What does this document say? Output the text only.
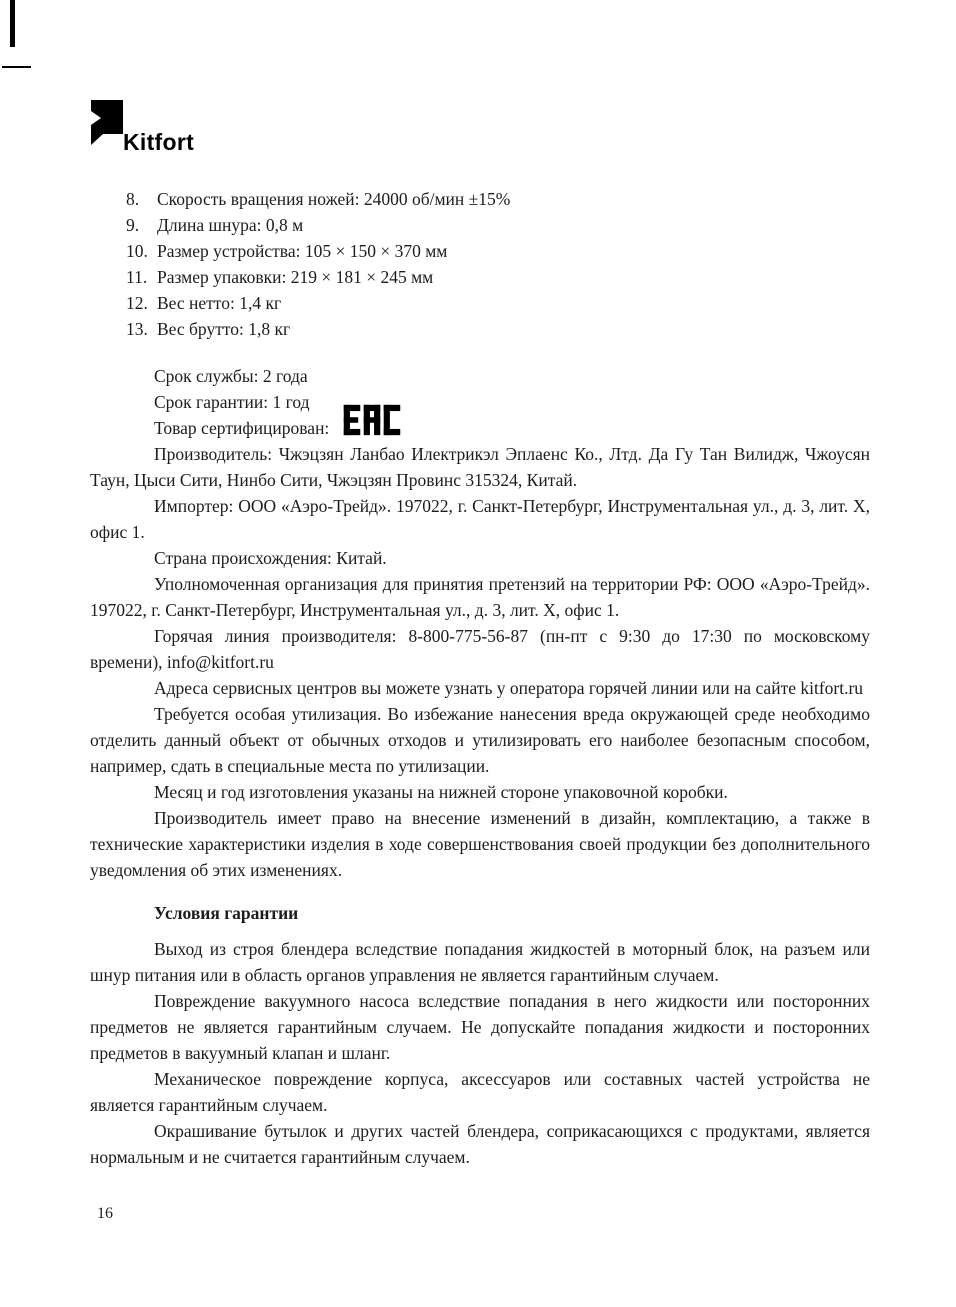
Kitfort
8.	Скорость вращения ножей: 24000 об/мин ±15%
9.	Длина шнура: 0,8 м
10. Размер устройства: 105 × 150 × 370 мм
11. Размер упаковки: 219 × 181 × 245 мм
12. Вес нетто: 1,4 кг
13. Вес брутто: 1,8 кг

Срок службы: 2 года

Срок гарантии: 1 год

Товар сертифицирован:

Производитель: Чжэцзян Ланбао Илектрикэл Эплаенс Ко., Лтд. Да Гу Тан Вилидж, Чжоусян Таун, Цыси Сити, Нинбо Сити, Чжэцзян Провинс 315324, Китай.

Импортер: ООО «Аэро-Трейд». 197022, г. Санкт-Петербург, Инструментальная ул., д. 3, лит. Х, офис 1.

Страна происхождения: Китай.

Уполномоченная организация для принятия претензий на территории РФ: ООО «Аэро-Трейд». 197022, г. Санкт-Петербург, Инструментальная ул., д. 3, лит. Х, офис 1.

Горячая линия производителя: 8-800-775-56-87 (пн-пт с 9:30 до 17:30 по московскому времени), info@kitfort.ru

Адреса сервисных центров вы можете узнать у оператора горячей линии или на сайте kitfort.ru

Требуется особая утилизация. Во избежание нанесения вреда окружающей среде необходимо отделить данный объект от обычных отходов и утилизировать его наиболее безопасным способом, например, сдать в специальные места по утилизации.

Месяц и год изготовления указаны на нижней стороне упаковочной коробки.

Производитель имеет право на внесение изменений в дизайн, комплектацию, а также в технические характеристики изделия в ходе совершенствования своей продукции без дополнительного уведомления об этих изменениях.

Условия гарантии

Выход из строя блендера вследствие попадания жидкостей в моторный блок, на разъем или шнур питания или в область органов управления не является гарантийным случаем.

Повреждение вакуумного насоса вследствие попадания в него жидкости или посторонних предметов не является гарантийным случаем. Не допускайте попадания жидкости и посторонних предметов в вакуумный клапан и шланг.

Механическое повреждение корпуса, аксессуаров или составных частей устройства не является гарантийным случаем.

Окрашивание бутылок и других частей блендера, соприкасающихся с продуктами, является нормальным и не считается гарантийным случаем.

16
